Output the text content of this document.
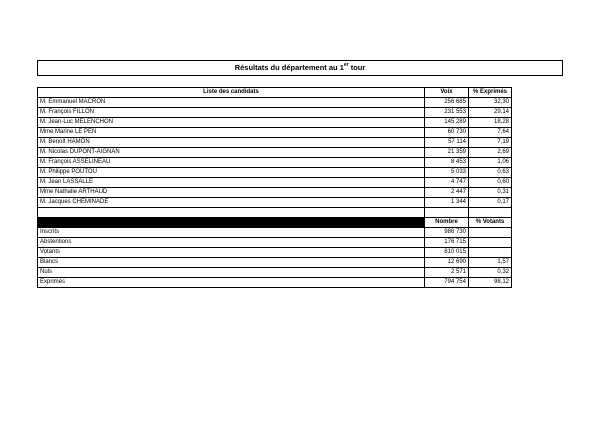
Résultats du département au 1er tour
Liste des candidats	Voix	% Exprimés
M. Emmanuel MACRON	256 685	32,30
M. François FILLON	231 553	29,14
M. Jean-Luc MÉLENCHON	145 289	18,28
Mme Marine LE PEN	60 730	7,64
M. Benoît HAMON	57 114	7,19
M. Nicolas DUPONT-AIGNAN	21 359	2,69
M. François ASSELINEAU	8 453	1,06
M. Philippe POUTOU	5 033	0,63
M. Jean LASSALLE	4 747	0,60
Mme Nathalie ARTHAUD	2 447	0,31
M. Jacques CHEMINADE	1 344	0,17

	Nombre	% Votants
Inscrits	986 730	
Abstentions	176 715	
Votants	810 015	
Blancs	12 690	1,57
Nuls	2 571	0,32
Exprimés	794 754	98,12
